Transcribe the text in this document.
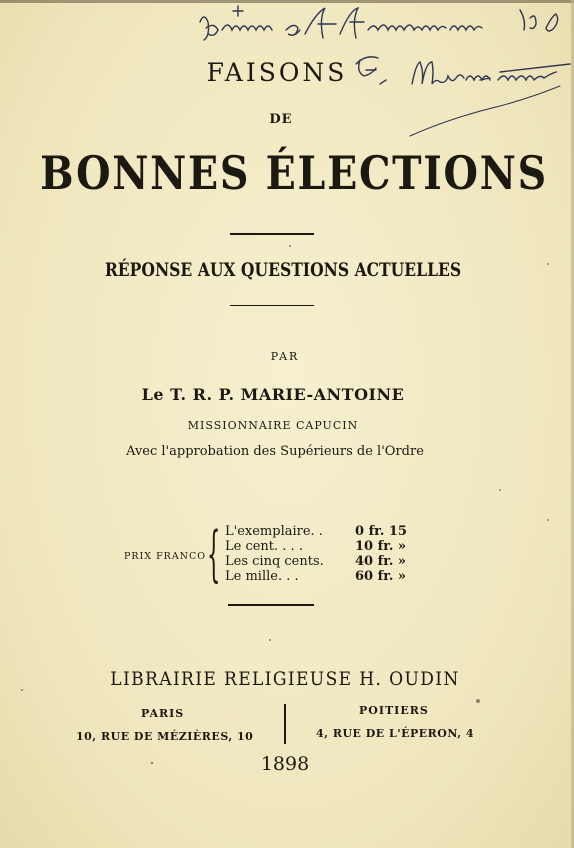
FAISONS
DE
BONNES ÉLECTIONS
RÉPONSE AUX QUESTIONS ACTUELLES
PAR
Le T. R. P. MARIE-ANTOINE
MISSIONNAIRE CAPUCIN
Avec l'approbation des Supérieurs de l'Ordre
PRIX FRANCO { L'exemplaire. . 0 fr. 15
Le cent. . . .	10 fr. »
Les cinq cents. 40 fr. »
Le mille. . .	60 fr. »
LIBRAIRIE RELIGIEUSE H. OUDIN
PARIS
10, RUE DE MÉZIÈRES, 10
POITIERS
4, RUE DE L'ÉPERON, 4
1898
